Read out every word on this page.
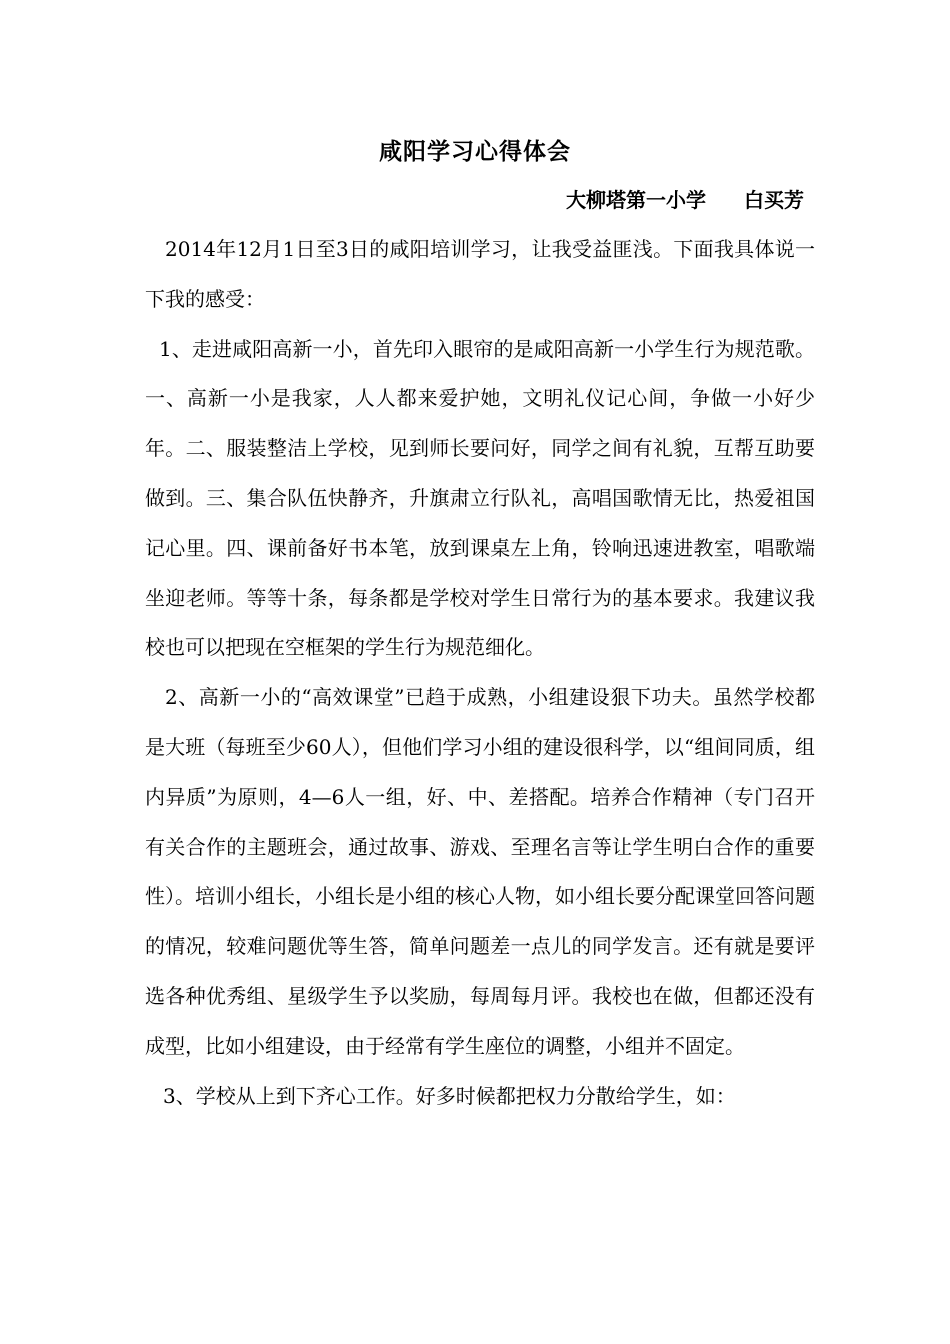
咸阳学习心得体会
大柳塔第一小学 白买芳

2014年12月1日至3日的咸阳培训学习，让我受益匪浅。下面我具体说一下我的感受：

1、走进咸阳高新一小，首先印入眼帘的是咸阳高新一小学生行为规范歌。一、高新一小是我家，人人都来爱护她，文明礼仪记心间，争做一小好少年。二、服装整洁上学校，见到师长要问好，同学之间有礼貌，互帮互助要做到。三、集合队伍快静齐，升旗肃立行队礼，高唱国歌情无比，热爱祖国记心里。四、课前备好书本笔，放到课桌左上角，铃响迅速进教室，唱歌端坐迎老师。等等十条，每条都是学校对学生日常行为的基本要求。我建议我校也可以把现在空框架的学生行为规范细化。

2、高新一小的“高效课堂”已趋于成熟，小组建设狠下功夫。虽然学校都是大班（每班至少60人），但他们学习小组的建设很科学，以“组间同质，组内异质”为原则，4—6人一组，好、中、差搭配。培养合作精神（专门召开有关合作的主题班会，通过故事、游戏、至理名言等让学生明白合作的重要性）。培训小组长，小组长是小组的核心人物，如小组长要分配课堂回答问题的情况，较难问题优等生答，简单问题差一点儿的同学发言。还有就是要评选各种优秀组、星级学生予以奖励，每周每月评。我校也在做，但都还没有成型，比如小组建设，由于经常有学生座位的调整，小组并不固定。

3、学校从上到下齐心工作。好多时候都把权力分散给学生，如：
